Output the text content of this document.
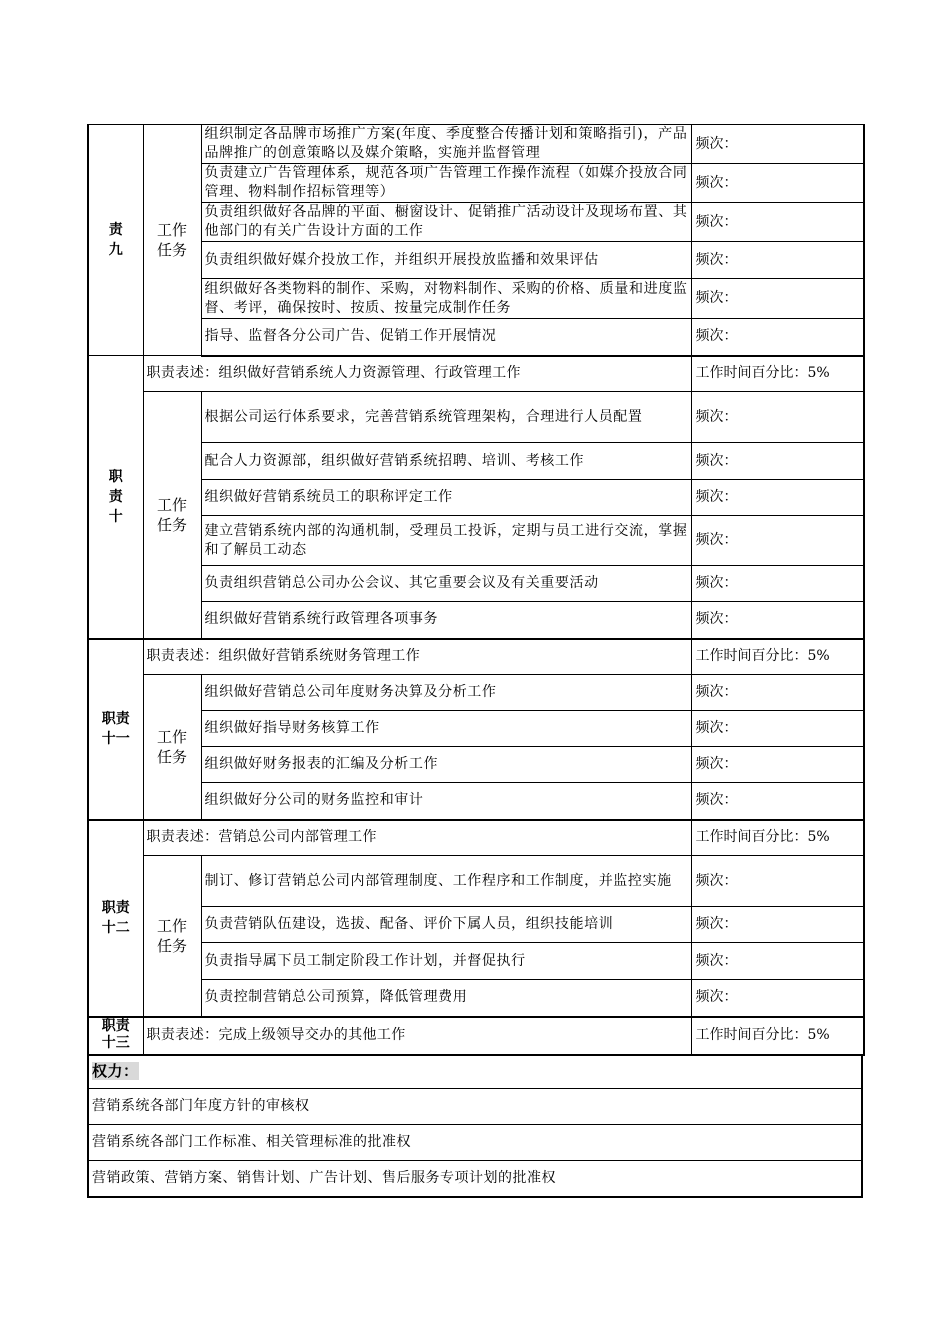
责九	工作任务	组织制定各品牌市场推广方案(年度、季度整合传播计划和策略指引)，产品品牌推广的创意策略以及媒介策略，实施并监督管理	频次：
		负责建立广告管理体系，规范各项广告管理工作操作流程（如媒介投放合同管理、物料制作招标管理等）	频次：
		负责组织做好各品牌的平面、橱窗设计、促销推广活动设计及现场布置、其他部门的有关广告设计方面的工作	频次：
		负责组织做好媒介投放工作，并组织开展投放监播和效果评估	频次：
		组织做好各类物料的制作、采购，对物料制作、采购的价格、质量和进度监督、考评，确保按时、按质、按量完成制作任务	频次：
		指导、监督各分公司广告、促销工作开展情况	频次：
职责十	职责表述：组织做好营销系统人力资源管理、行政管理工作		工作时间百分比：5%
	工作任务	根据公司运行体系要求，完善营销系统管理架构，合理进行人员配置	频次：
		配合人力资源部，组织做好营销系统招聘、培训、考核工作	频次：
		组织做好营销系统员工的职称评定工作	频次：
		建立营销系统内部的沟通机制，受理员工投诉，定期与员工进行交流，掌握和了解员工动态	频次：
		负责组织营销总公司办公会议、其它重要会议及有关重要活动	频次：
		组织做好营销系统行政管理各项事务	频次：
职责十一	职责表述：组织做好营销系统财务管理工作		工作时间百分比：5%
	工作任务	组织做好营销总公司年度财务决算及分析工作	频次：
		组织做好指导财务核算工作	频次：
		组织做好财务报表的汇编及分析工作	频次：
		组织做好分公司的财务监控和审计	频次：
职责十二	职责表述：营销总公司内部管理工作		工作时间百分比：5%
	工作任务	制订、修订营销总公司内部管理制度、工作程序和工作制度，并监控实施	频次：
		负责营销队伍建设，选拔、配备、评价下属人员，组织技能培训	频次：
		负责指导属下员工制定阶段工作计划，并督促执行	频次：
		负责控制营销总公司预算，降低管理费用	频次：
职责十三	职责表述：完成上级领导交办的其他工作		工作时间百分比：5%
权力：
营销系统各部门年度方针的审核权
营销系统各部门工作标准、相关管理标准的批准权
营销政策、营销方案、销售计划、广告计划、售后服务专项计划的批准权
